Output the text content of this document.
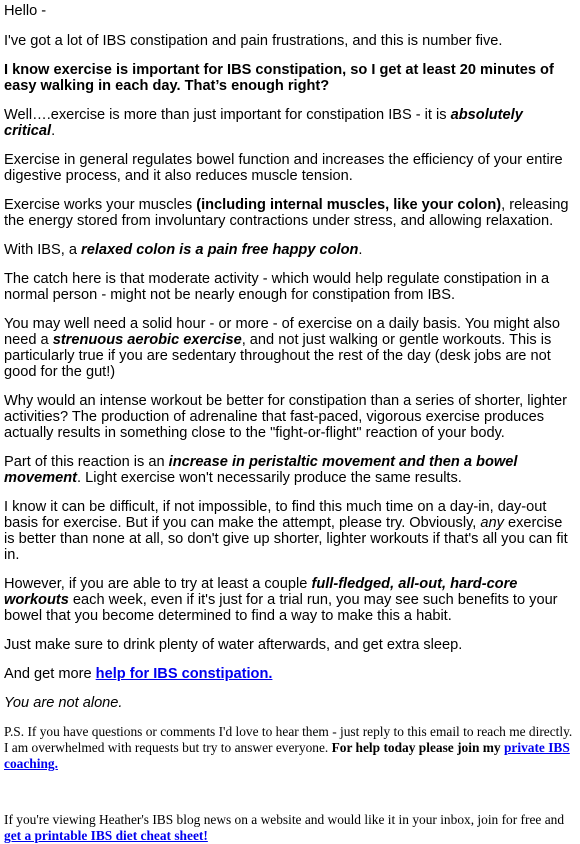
Hello -

I've got a lot of IBS constipation and pain frustrations, and this is number five.

I know exercise is important for IBS constipation, so I get at least 20 minutes of easy walking in each day. That’s enough right?

Well….exercise is more than just important for constipation IBS - it is absolutely critical.

Exercise in general regulates bowel function and increases the efficiency of your entire digestive process, and it also reduces muscle tension.

Exercise works your muscles (including internal muscles, like your colon), releasing the energy stored from involuntary contractions under stress, and allowing relaxation.

With IBS, a relaxed colon is a pain free happy colon.

The catch here is that moderate activity - which would help regulate constipation in a normal person - might not be nearly enough for constipation from IBS.

You may well need a solid hour - or more - of exercise on a daily basis. You might also need a strenuous aerobic exercise, and not just walking or gentle workouts. This is particularly true if you are sedentary throughout the rest of the day (desk jobs are not good for the gut!)

Why would an intense workout be better for constipation than a series of shorter, lighter activities? The production of adrenaline that fast-paced, vigorous exercise produces actually results in something close to the "fight-or-flight" reaction of your body.

Part of this reaction is an increase in peristaltic movement and then a bowel movement. Light exercise won't necessarily produce the same results.

I know it can be difficult, if not impossible, to find this much time on a day-in, day-out basis for exercise. But if you can make the attempt, please try. Obviously, any exercise is better than none at all, so don't give up shorter, lighter workouts if that's all you can fit in.

However, if you are able to try at least a couple full-fledged, all-out, hard-core workouts each week, even if it's just for a trial run, you may see such benefits to your bowel that you become determined to find a way to make this a habit.

Just make sure to drink plenty of water afterwards, and get extra sleep.

And get more help for IBS constipation.

You are not alone.

P.S. If you have questions or comments I'd love to hear them - just reply to this email to reach me directly. I am overwhelmed with requests but try to answer everyone. For help today please join my private IBS coaching.

If you're viewing Heather's IBS blog news on a website and would like it in your inbox, join for free and get a printable IBS diet cheat sheet!
